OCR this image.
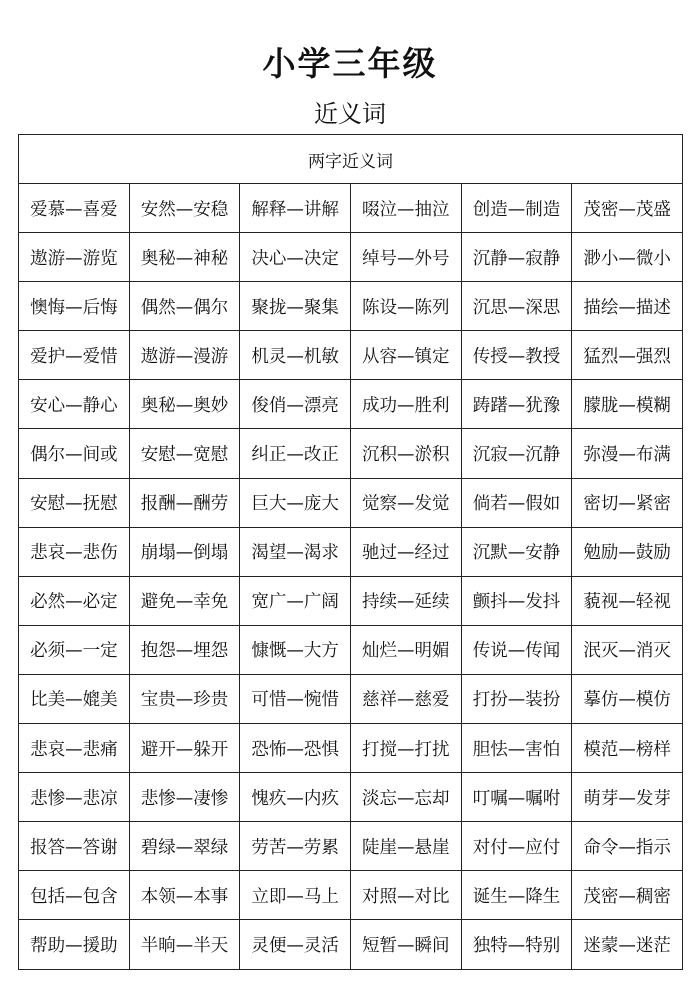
小学三年级
近义词
两字近义词					
爱慕—喜爱	安然—安稳	解释—讲解	啜泣—抽泣	创造—制造	茂密—茂盛
遨游—游览	奥秘—神秘	决心—决定	绰号—外号	沉静—寂静	渺小—微小
懊悔—后悔	偶然—偶尔	聚拢—聚集	陈设—陈列	沉思—深思	描绘—描述
爱护—爱惜	遨游—漫游	机灵—机敏	从容—镇定	传授—教授	猛烈—强烈
安心—静心	奥秘—奥妙	俊俏—漂亮	成功—胜利	踌躇—犹豫	朦胧—模糊
偶尔—间或	安慰—宽慰	纠正—改正	沉积—淤积	沉寂—沉静	弥漫—布满
安慰—抚慰	报酬—酬劳	巨大—庞大	觉察—发觉	倘若—假如	密切—紧密
悲哀—悲伤	崩塌—倒塌	渴望—渴求	驰过—经过	沉默—安静	勉励—鼓励
必然—必定	避免—幸免	宽广—广阔	持续—延续	颤抖—发抖	藐视—轻视
必须—一定	抱怨—埋怨	慷慨—大方	灿烂—明媚	传说—传闻	泯灭—消灭
比美—媲美	宝贵—珍贵	可惜—惋惜	慈祥—慈爱	打扮—装扮	摹仿—模仿
悲哀—悲痛	避开—躲开	恐怖—恐惧	打搅—打扰	胆怯—害怕	模范—榜样
悲惨—悲凉	悲惨—凄惨	愧疚—内疚	淡忘—忘却	叮嘱—嘱咐	萌芽—发芽
报答—答谢	碧绿—翠绿	劳苦—劳累	陡崖—悬崖	对付—应付	命令—指示
包括—包含	本领—本事	立即—马上	对照—对比	诞生—降生	茂密—稠密
帮助—援助	半晌—半天	灵便—灵活	短暂—瞬间	独特—特别	迷蒙—迷茫
